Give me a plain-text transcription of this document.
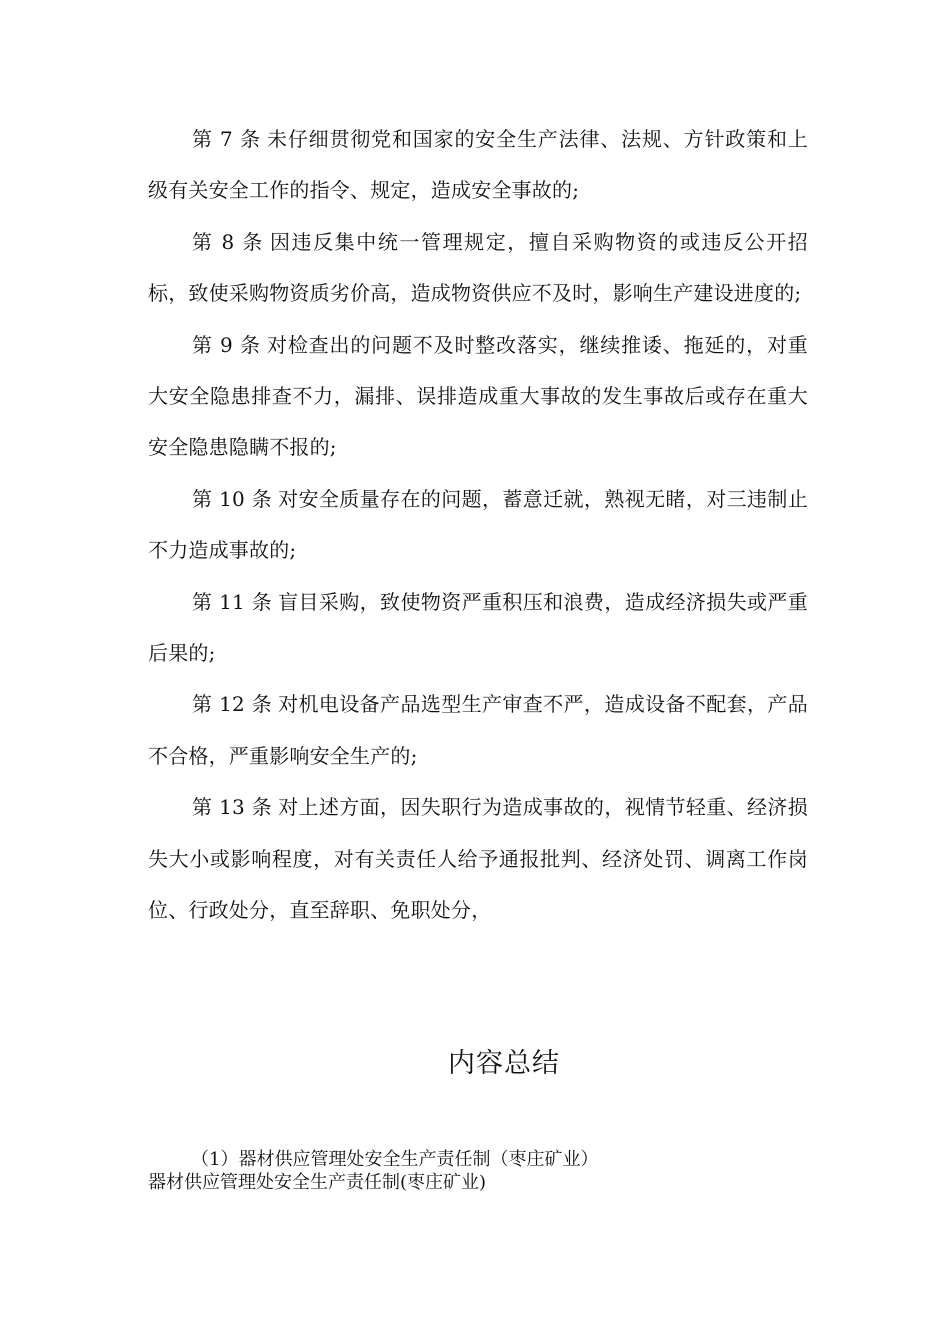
第 7 条 未仔细贯彻党和国家的安全生产法律、法规、方针政策和上级有关安全工作的指令、规定，造成安全事故的;

第 8 条 因违反集中统一管理规定，擅自采购物资的或违反公开招标，致使采购物资质劣价高，造成物资供应不及时，影响生产建设进度的;

第 9 条 对检查出的问题不及时整改落实，继续推诿、拖延的，对重大安全隐患排查不力，漏排、误排造成重大事故的发生事故后或存在重大安全隐患隐瞒不报的;

第 10 条 对安全质量存在的问题，蓄意迁就，熟视无睹，对三违制止不力造成事故的;

第 11 条 盲目采购，致使物资严重积压和浪费，造成经济损失或严重后果的;

第 12 条 对机电设备产品选型生产审查不严，造成设备不配套，产品不合格，严重影响安全生产的;

第 13 条 对上述方面，因失职行为造成事故的，视情节轻重、经济损失大小或影响程度，对有关责任人给予通报批判、经济处罚、调离工作岗位、行政处分，直至辞职、免职处分，

内容总结
（1）器材供应管理处安全生产责任制（枣庄矿业）
器材供应管理处安全生产责任制(枣庄矿业)
